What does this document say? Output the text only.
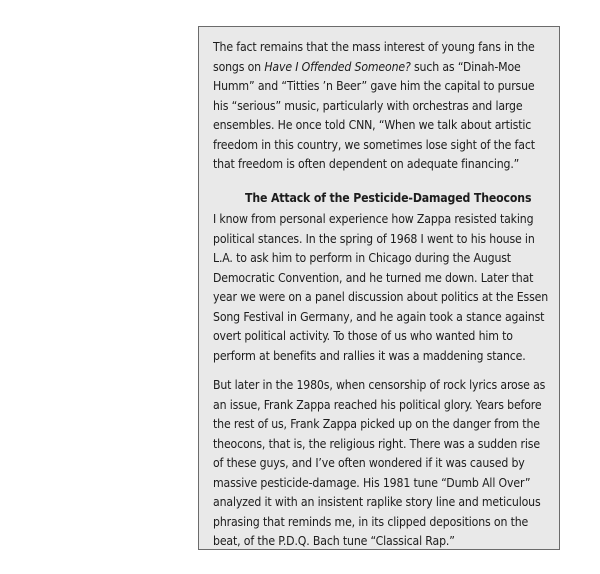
The fact remains that the mass interest of young fans in the songs on Have I Offended Someone? such as “Dinah-Moe Humm” and “Titties ’n Beer” gave him the capital to pursue his “serious” music, particularly with orchestras and large ensembles. He once told CNN, “When we talk about artistic freedom in this country, we sometimes lose sight of the fact that freedom is often dependent on adequate financing.”

The Attack of the Pesticide-Damaged Theocons

I know from personal experience how Zappa resisted taking political stances. In the spring of 1968 I went to his house in L.A. to ask him to perform in Chicago during the August Democratic Convention, and he turned me down. Later that year we were on a panel discussion about politics at the Essen Song Festival in Germany, and he again took a stance against overt political activity. To those of us who wanted him to perform at benefits and rallies it was a maddening stance.

But later in the 1980s, when censorship of rock lyrics arose as an issue, Frank Zappa reached his political glory. Years before the rest of us, Frank Zappa picked up on the danger from the theocons, that is, the religious right. There was a sudden rise of these guys, and I’ve often wondered if it was caused by massive pesticide-damage. His 1981 tune “Dumb All Over” analyzed it with an insistent raplike story line and meticulous phrasing that reminds me, in its clipped depositions on the beat, of the P.D.Q. Bach tune “Classical Rap.”
